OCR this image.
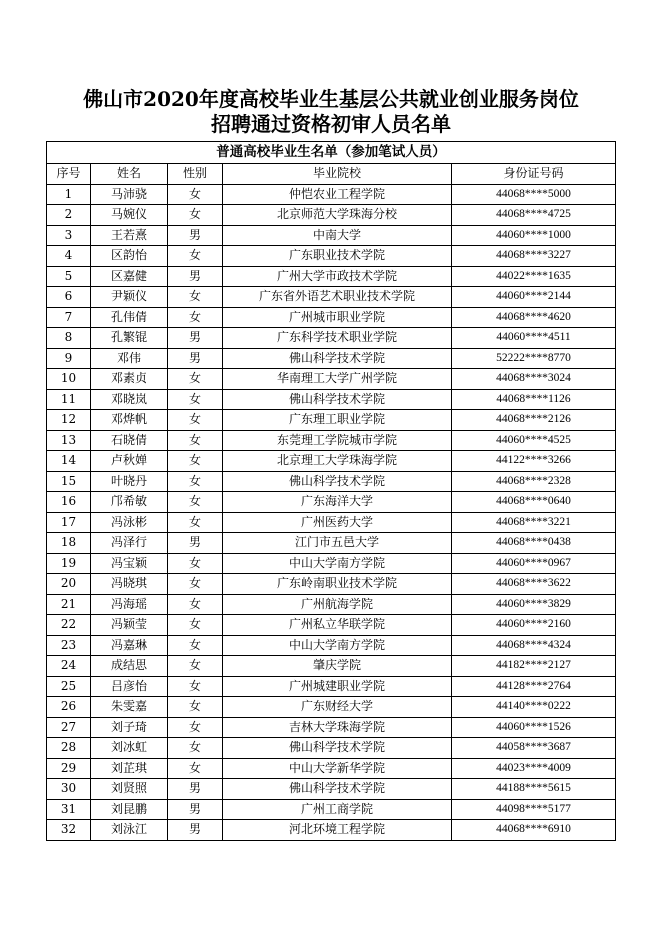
佛山市2020年度高校毕业生基层公共就业创业服务岗位
招聘通过资格初审人员名单
普通高校毕业生名单（参加笔试人员）				
序号	姓名	性别	毕业院校	身份证号码
1	马沛骁	女	仲恺农业工程学院	44068****5000
2	马婉仪	女	北京师范大学珠海分校	44068****4725
3	王若熹	男	中南大学	44060****1000
4	区韵怡	女	广东职业技术学院	44068****3227
5	区嘉健	男	广州大学市政技术学院	44022****1635
6	尹颖仪	女	广东省外语艺术职业技术学院	44060****2144
7	孔伟倩	女	广州城市职业学院	44068****4620
8	孔繁锟	男	广东科学技术职业学院	44060****4511
9	邓伟	男	佛山科学技术学院	52222****8770
10	邓素贞	女	华南理工大学广州学院	44068****3024
11	邓晓岚	女	佛山科学技术学院	44068****1126
12	邓烨帆	女	广东理工职业学院	44068****2126
13	石晓倩	女	东莞理工学院城市学院	44060****4525
14	卢秋婵	女	北京理工大学珠海学院	44122****3266
15	叶晓丹	女	佛山科学技术学院	44068****2328
16	邝希敏	女	广东海洋大学	44068****0640
17	冯泳彬	女	广州医药大学	44068****3221
18	冯泽行	男	江门市五邑大学	44068****0438
19	冯宝颖	女	中山大学南方学院	44060****0967
20	冯晓琪	女	广东岭南职业技术学院	44068****3622
21	冯海瑶	女	广州航海学院	44060****3829
22	冯颖莹	女	广州私立华联学院	44060****2160
23	冯嘉琳	女	中山大学南方学院	44068****4324
24	成结思	女	肇庆学院	44182****2127
25	吕彦怡	女	广州城建职业学院	44128****2764
26	朱雯嘉	女	广东财经大学	44140****0222
27	刘子琦	女	吉林大学珠海学院	44060****1526
28	刘冰虹	女	佛山科学技术学院	44058****3687
29	刘芷琪	女	中山大学新华学院	44023****4009
30	刘贤照	男	佛山科学技术学院	44188****5615
31	刘昆鹏	男	广州工商学院	44098****5177
32	刘泳江	男	河北环境工程学院	44068****6910
